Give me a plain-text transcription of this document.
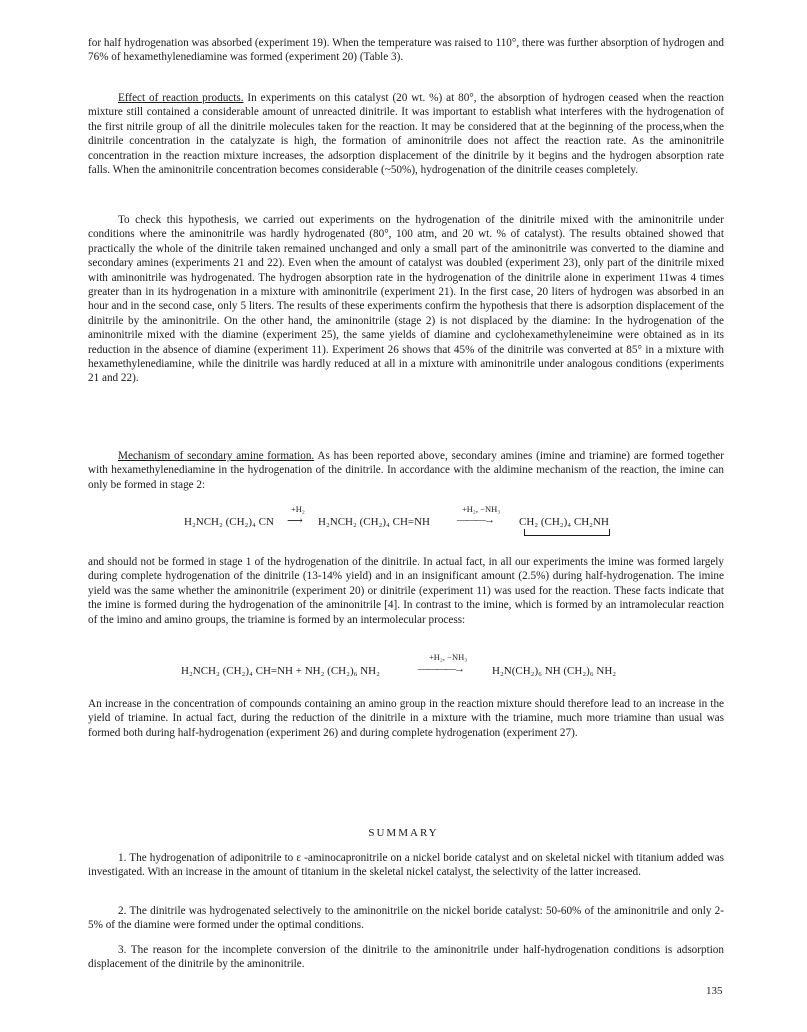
for half hydrogenation was absorbed (experiment 19). When the temperature was raised to 110°, there was further absorption of hydrogen and 76% of hexamethylenediamine was formed (experiment 20) (Table 3).

Effect of reaction products. In experiments on this catalyst (20 wt. %) at 80°, the absorption of hydrogen ceased when the reaction mixture still contained a considerable amount of unreacted dinitrile. It was important to establish what interferes with the hydrogenation of the first nitrile group of all the dinitrile molecules taken for the reaction. It may be considered that at the beginning of the process,when the dinitrile concentration in the catalyzate is high, the formation of aminonitrile does not affect the reaction rate. As the aminonitrile concentration in the reaction mixture increases, the adsorption displacement of the dinitrile by it begins and the hydrogen absorption rate falls. When the aminonitrile concentration becomes considerable (~50%), hydrogenation of the dinitrile ceases completely.

To check this hypothesis, we carried out experiments on the hydrogenation of the dinitrile mixed with the aminonitrile under conditions where the aminonitrile was hardly hydrogenated (80°, 100 atm, and 20 wt. % of catalyst). The results obtained showed that practically the whole of the dinitrile taken remained unchanged and only a small part of the aminonitrile was converted to the diamine and secondary amines (experiments 21 and 22). Even when the amount of catalyst was doubled (experiment 23), only part of the dinitrile mixed with aminonitrile was hydrogenated. The hydrogen absorption rate in the hydrogenation of the dinitrile alone in experiment 11was 4 times greater than in its hydrogenation in a mixture with aminonitrile (experiment 21). In the first case, 20 liters of hydrogen was absorbed in an hour and in the second case, only 5 liters. The results of these experiments confirm the hypothesis that there is adsorption displacement of the dinitrile by the aminonitrile. On the other hand, the aminonitrile (stage 2) is not displaced by the diamine: In the hydrogenation of the aminonitrile mixed with the diamine (experiment 25), the same yields of diamine and cyclohexamethyleneimine were obtained as in its reduction in the absence of diamine (experiment 11). Experiment 26 shows that 45% of the dinitrile was converted at 85° in a mixture with hexamethylenediamine, while the dinitrile was hardly reduced at all in a mixture with aminonitrile under analogous conditions (experiments 21 and 22).

Mechanism of secondary amine formation. As has been reported above, secondary amines (imine and triamine) are formed together with hexamethylenediamine in the hydrogenation of the dinitrile. In accordance with the aldimine mechanism of the reaction, the imine can only be formed in stage 2:

H₂NCH₂ (CH₂)₄ CN
+H₂
⟶ H₂NCH₂ (CH₂)₄ CH=NH
+H₂, −NH₃
———→ CH₂ (CH₂)₄ CH₂NH

and should not be formed in stage 1 of the hydrogenation of the dinitrile. In actual fact, in all our experiments the imine was formed largely during complete hydrogenation of the dinitrile (13-14% yield) and in an insignificant amount (2.5%) during half-hydrogenation. The imine yield was the same whether the aminonitrile (experiment 20) or dinitrile (experiment 11) was used for the reaction. These facts indicate that the imine is formed during the hydrogenation of the aminonitrile [4]. In contrast to the imine, which is formed by an intramolecular reaction of the imino and amino groups, the triamine is formed by an intermolecular process:

H₂NCH₂ (CH₂)₄ CH=NH + NH₂ (CH₂)₆ NH₂
+H₂, −NH₃
————→	H₂N(CH₂)₆ NH (CH₂)₆ NH₂

An increase in the concentration of compounds containing an amino group in the reaction mixture should therefore lead to an increase in the yield of triamine. In actual fact, during the reduction of the dinitrile in a mixture with the triamine, much more triamine than usual was formed both during half-hydrogenation (experiment 26) and during complete hydrogenation (experiment 27).

SUMMARY

1. The hydrogenation of adiponitrile to ε -aminocapronitrile on a nickel boride catalyst and on skeletal nickel with titanium added was investigated. With an increase in the amount of titanium in the skeletal nickel catalyst, the selectivity of the latter increased.

2. The dinitrile was hydrogenated selectively to the aminonitrile on the nickel boride catalyst: 50-60% of the aminonitrile and only 2-5% of the diamine were formed under the optimal conditions.

3. The reason for the incomplete conversion of the dinitrile to the aminonitrile under half-hydrogenation conditions is adsorption displacement of the dinitrile by the aminonitrile.

135
